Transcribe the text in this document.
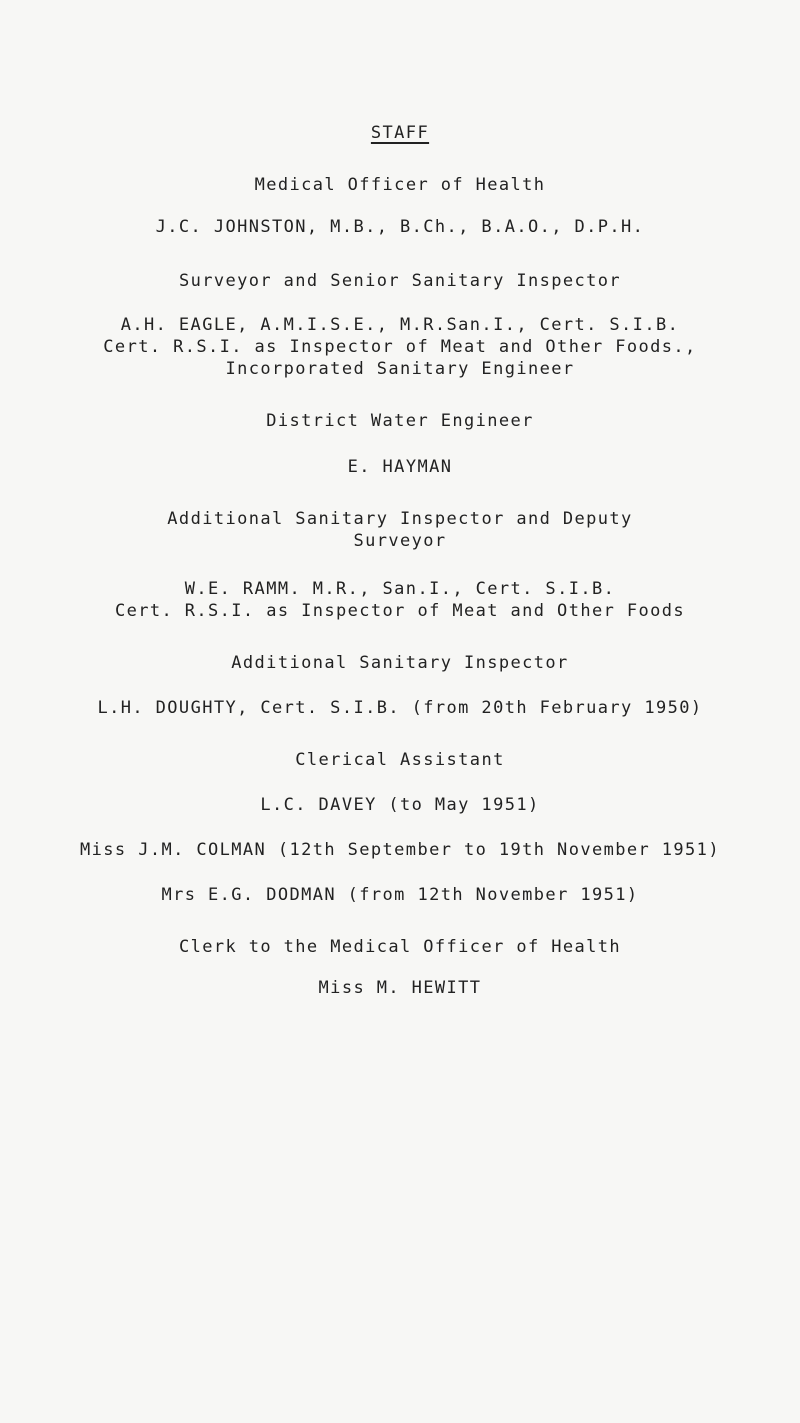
STAFF
Medical Officer of Health
J.C. JOHNSTON, M.B., B.Ch., B.A.O., D.P.H.
Surveyor and Senior Sanitary Inspector
A.H. EAGLE, A.M.I.S.E., M.R.San.I., Cert. S.I.B.
Cert. R.S.I. as Inspector of Meat and Other Foods.,
Incorporated Sanitary Engineer
District Water Engineer
E. HAYMAN
Additional Sanitary Inspector and Deputy
Surveyor
W.E. RAMM. M.R., San.I., Cert. S.I.B.
Cert. R.S.I. as Inspector of Meat and Other Foods
Additional Sanitary Inspector
L.H. DOUGHTY, Cert. S.I.B. (from 20th February 1950)
Clerical Assistant
L.C. DAVEY (to May 1951)
Miss J.M. COLMAN (12th September to 19th November 1951)
Mrs E.G. DODMAN (from 12th November 1951)
Clerk to the Medical Officer of Health
Miss M. HEWITT
